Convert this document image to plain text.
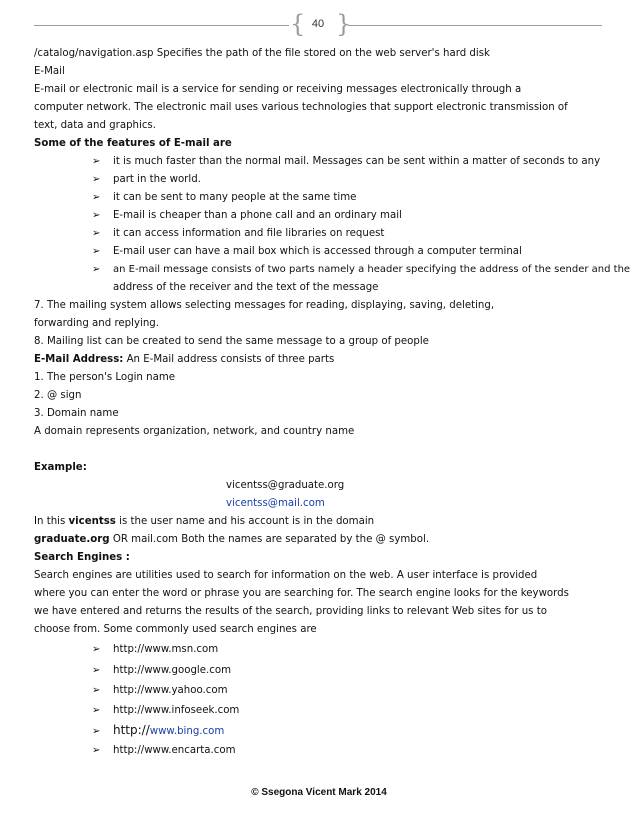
{ 40 }
/catalog/navigation.asp Specifies the path of the file stored on the web server's hard disk
E-Mail
E-mail or electronic mail is a service for sending or receiving messages electronically through a
computer network. The electronic mail uses various technologies that support electronic transmission of
text, data and graphics.
Some of the features of E-mail are
➢ it is much faster than the normal mail. Messages can be sent within a matter of seconds to any
➢ part in the world.
➢ it can be sent to many people at the same time
➢ E-mail is cheaper than a phone call and an ordinary mail
➢ it can access information and file libraries on request
➢ E-mail user can have a mail box which is accessed through a computer terminal
➢ an E-mail message consists of two parts namely a header specifying the address of the sender and the
address of the receiver and the text of the message
7. The mailing system allows selecting messages for reading, displaying, saving, deleting,
forwarding and replying.
8. Mailing list can be created to send the same message to a group of people
E-Mail Address: An E-Mail address consists of three parts
1. The person's Login name
2. @ sign
3. Domain name
A domain represents organization, network, and country name
Example:
vicentss@graduate.org
vicentss@mail.com
In this vicentss is the user name and his account is in the domain
graduate.org OR mail.com Both the names are separated by the @ symbol.
Search Engines :
Search engines are utilities used to search for information on the web. A user interface is provided
where you can enter the word or phrase you are searching for. The search engine looks for the keywords
we have entered and returns the results of the search, providing links to relevant Web sites for us to
choose from. Some commonly used search engines are
➢ http://www.msn.com
➢ http://www.google.com
➢ http://www.yahoo.com
➢ http://www.infoseek.com
➢ http://www.bing.com
➢ http://www.encarta.com
© Ssegona Vicent Mark 2014
